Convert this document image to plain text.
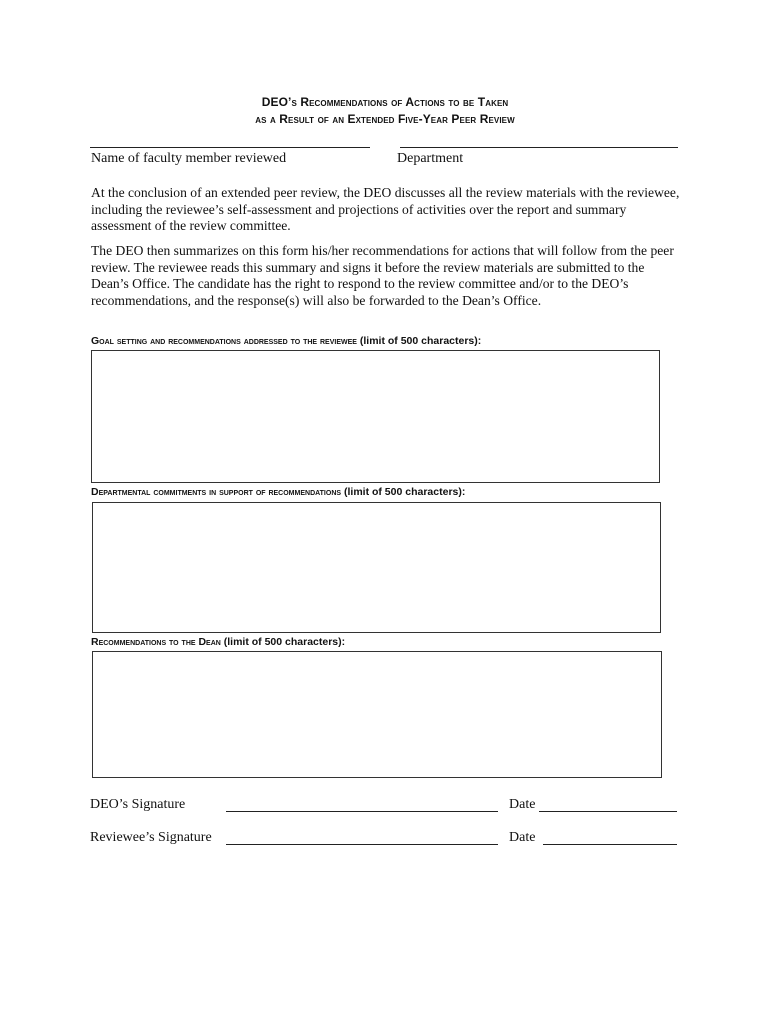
DEO’s Recommendations of Actions to be Taken
as a Result of an Extended Five-Year Peer Review
Name of faculty member reviewed	Department
At the conclusion of an extended peer review, the DEO discusses all the review materials with the reviewee, including the reviewee’s self-assessment and projections of activities over the report and summary assessment of the review committee.
The DEO then summarizes on this form his/her recommendations for actions that will follow from the peer review. The reviewee reads this summary and signs it before the review materials are submitted to the Dean’s Office. The candidate has the right to respond to the review committee and/or to the DEO’s recommendations, and the response(s) will also be forwarded to the Dean’s Office.
Goal setting and recommendations addressed to the reviewee (limit of 500 characters):
Departmental commitments in support of recommendations (limit of 500 characters):
Recommendations to the Dean (limit of 500 characters):
DEO’s Signature	Date
Reviewee’s Signature	Date
